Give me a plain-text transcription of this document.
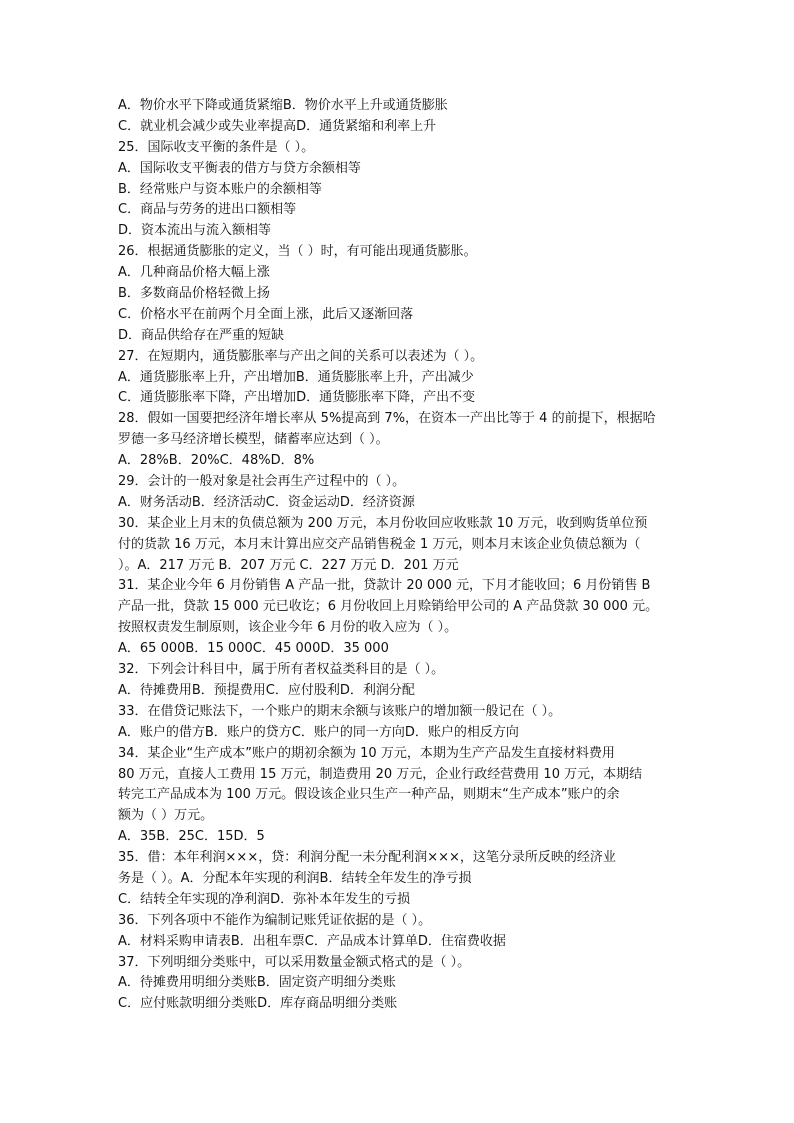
A．物价水平下降或通货紧缩B．物价水平上升或通货膨胀
C．就业机会减少或失业率提高D．通货紧缩和利率上升
25．国际收支平衡的条件是（ ）。
A．国际收支平衡表的借方与贷方余额相等
B．经常账户与资本账户的余额相等
C．商品与劳务的进出口额相等
D．资本流出与流入额相等
26．根据通货膨胀的定义，当（ ）时，有可能出现通货膨胀。
A．几种商品价格大幅上涨
B．多数商品价格轻微上扬
C．价格水平在前两个月全面上涨，此后又逐渐回落
D．商品供给存在严重的短缺
27．在短期内，通货膨胀率与产出之间的关系可以表述为（ ）。
A．通货膨胀率上升，产出增加B．通货膨胀率上升，产出减少
C．通货膨胀率下降，产出增加D．通货膨胀率下降，产出不变
28．假如一国要把经济年增长率从 5%提高到 7%，在资本一产出比等于 4 的前提下，根据哈
罗德一多马经济增长模型，储蓄率应达到（ ）。
A．28%B．20%C．48%D．8%
29．会计的一般对象是社会再生产过程中的（ ）。
A．财务活动B．经济活动C．资金运动D．经济资源
30．某企业上月末的负债总额为 200 万元，本月份收回应收账款 10 万元，收到购货单位预
付的货款 16 万元，本月末计算出应交产品销售税金 1 万元，则本月末该企业负债总额为（
）。A．217 万元 B．207 万元 C．227 万元 D．201 万元
31．某企业今年 6 月份销售 A 产品一批，贷款计 20 000 元，下月才能收回；6 月份销售 B
产品一批，贷款 15 000 元已收讫；6 月份收回上月赊销给甲公司的 A 产品贷款 30 000 元。
按照权责发生制原则，该企业今年 6 月份的收入应为（ ）。
A．65 000B．15 000C．45 000D．35 000
32．下列会计科目中，属于所有者权益类科目的是（ ）。
A．待摊费用B．预提费用C．应付股利D．利润分配
33．在借贷记账法下，一个账户的期末余额与该账户的增加额一般记在（ ）。
A．账户的借方B．账户的贷方C．账户的同一方向D．账户的相反方向
34．某企业“生产成本”账户的期初余额为 10 万元，本期为生产产品发生直接材料费用
80 万元，直接人工费用 15 万元，制造费用 20 万元，企业行政经营费用 10 万元，本期结
转完工产品成本为 100 万元。假设该企业只生产一种产品，则期末“生产成本”账户的余
额为（ ）万元。
A．35B．25C．15D．5
35．借：本年利润×××，贷：利润分配一未分配利润×××，这笔分录所反映的经济业
务是（ ）。A．分配本年实现的利润B．结转全年发生的净亏损
C．结转全年实现的净利润D．弥补本年发生的亏损
36．下列各项中不能作为编制记账凭证依据的是（ ）。
A．材料采购申请表B．出租车票C．产品成本计算单D．住宿费收据
37．下列明细分类账中，可以采用数量金额式格式的是（ ）。
A．待摊费用明细分类账B．固定资产明细分类账
C．应付账款明细分类账D．库存商品明细分类账
